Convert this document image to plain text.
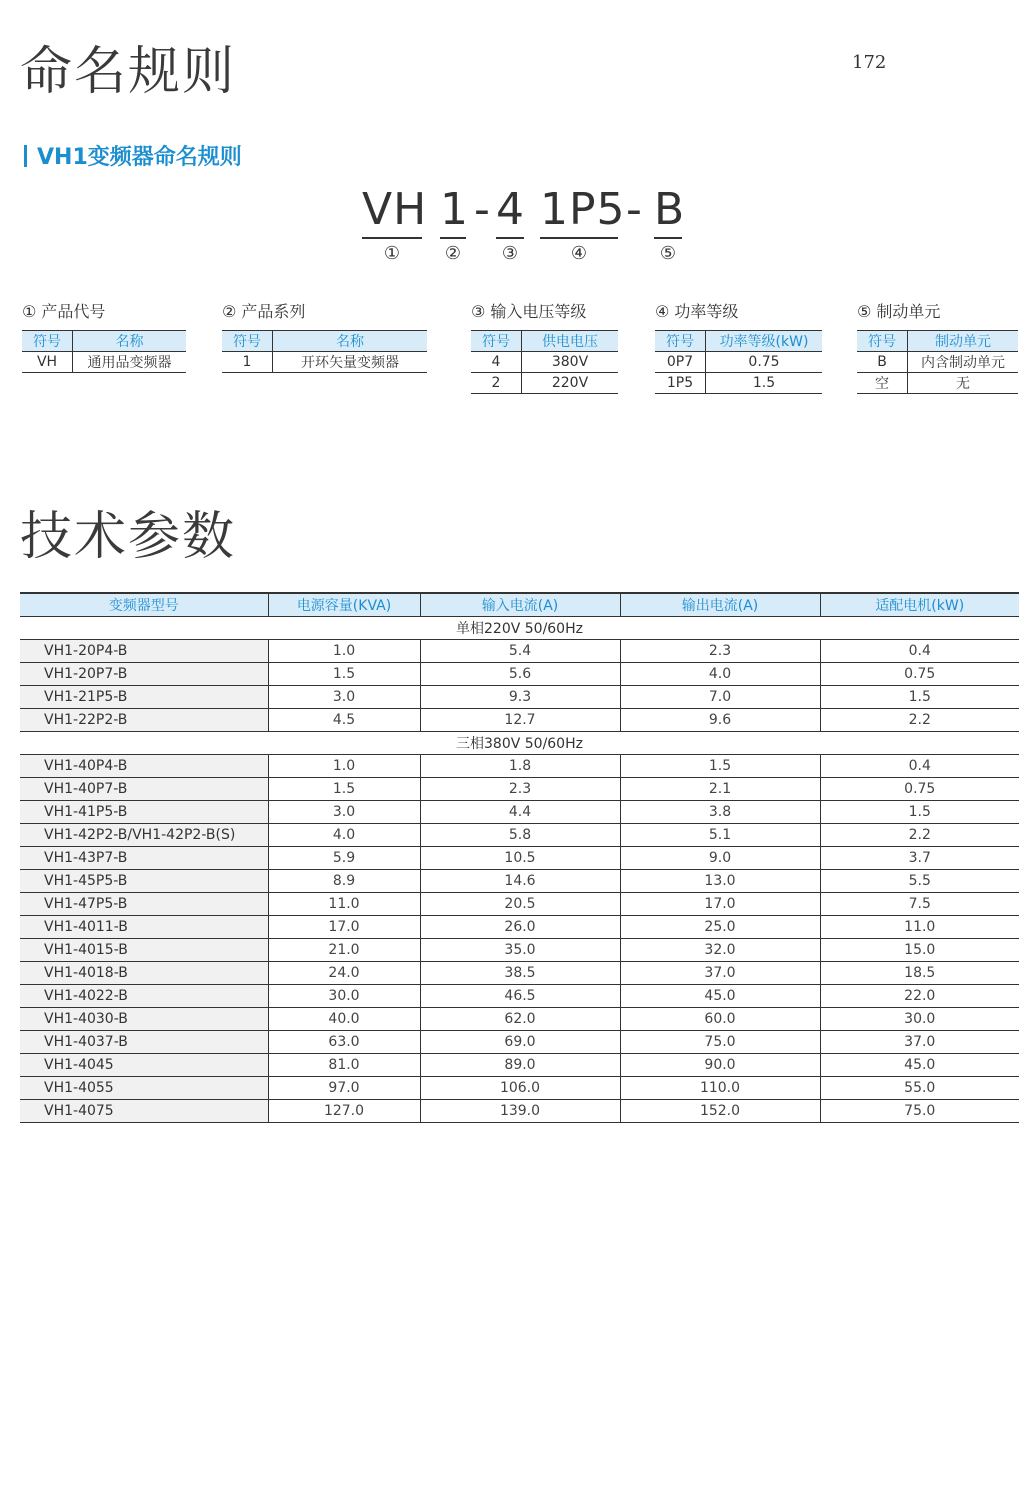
命名规则	172
VH1变频器命名规则
VH
①
1
②
- 4
③
1P5
④
- B
⑤
① 产品代号
符号	名称
VH	通用品变频器
② 产品系列
符号	名称
1	开环矢量变频器
③ 输入电压等级
符号	供电电压
4	380V
2	220V
④ 功率等级
符号	功率等级(kW)
0P7	0.75
1P5	1.5
⑤ 制动单元
符号	制动单元
B	内含制动单元
空	无
技术参数
变频器型号	电源容量(KVA)	输入电流(A)	输出电流(A)	适配电机(kW)
单相220V 50/60Hz				
VH1-20P4-B	1.0	5.4	2.3	0.4
VH1-20P7-B	1.5	5.6	4.0	0.75
VH1-21P5-B	3.0	9.3	7.0	1.5
VH1-22P2-B	4.5	12.7	9.6	2.2
三相380V 50/60Hz				
VH1-40P4-B	1.0	1.8	1.5	0.4
VH1-40P7-B	1.5	2.3	2.1	0.75
VH1-41P5-B	3.0	4.4	3.8	1.5
VH1-42P2-B/VH1-42P2-B(S)	4.0	5.8	5.1	2.2
VH1-43P7-B	5.9	10.5	9.0	3.7
VH1-45P5-B	8.9	14.6	13.0	5.5
VH1-47P5-B	11.0	20.5	17.0	7.5
VH1-4011-B	17.0	26.0	25.0	11.0
VH1-4015-B	21.0	35.0	32.0	15.0
VH1-4018-B	24.0	38.5	37.0	18.5
VH1-4022-B	30.0	46.5	45.0	22.0
VH1-4030-B	40.0	62.0	60.0	30.0
VH1-4037-B	63.0	69.0	75.0	37.0
VH1-4045	81.0	89.0	90.0	45.0
VH1-4055	97.0	106.0	110.0	55.0
VH1-4075	127.0	139.0	152.0	75.0
